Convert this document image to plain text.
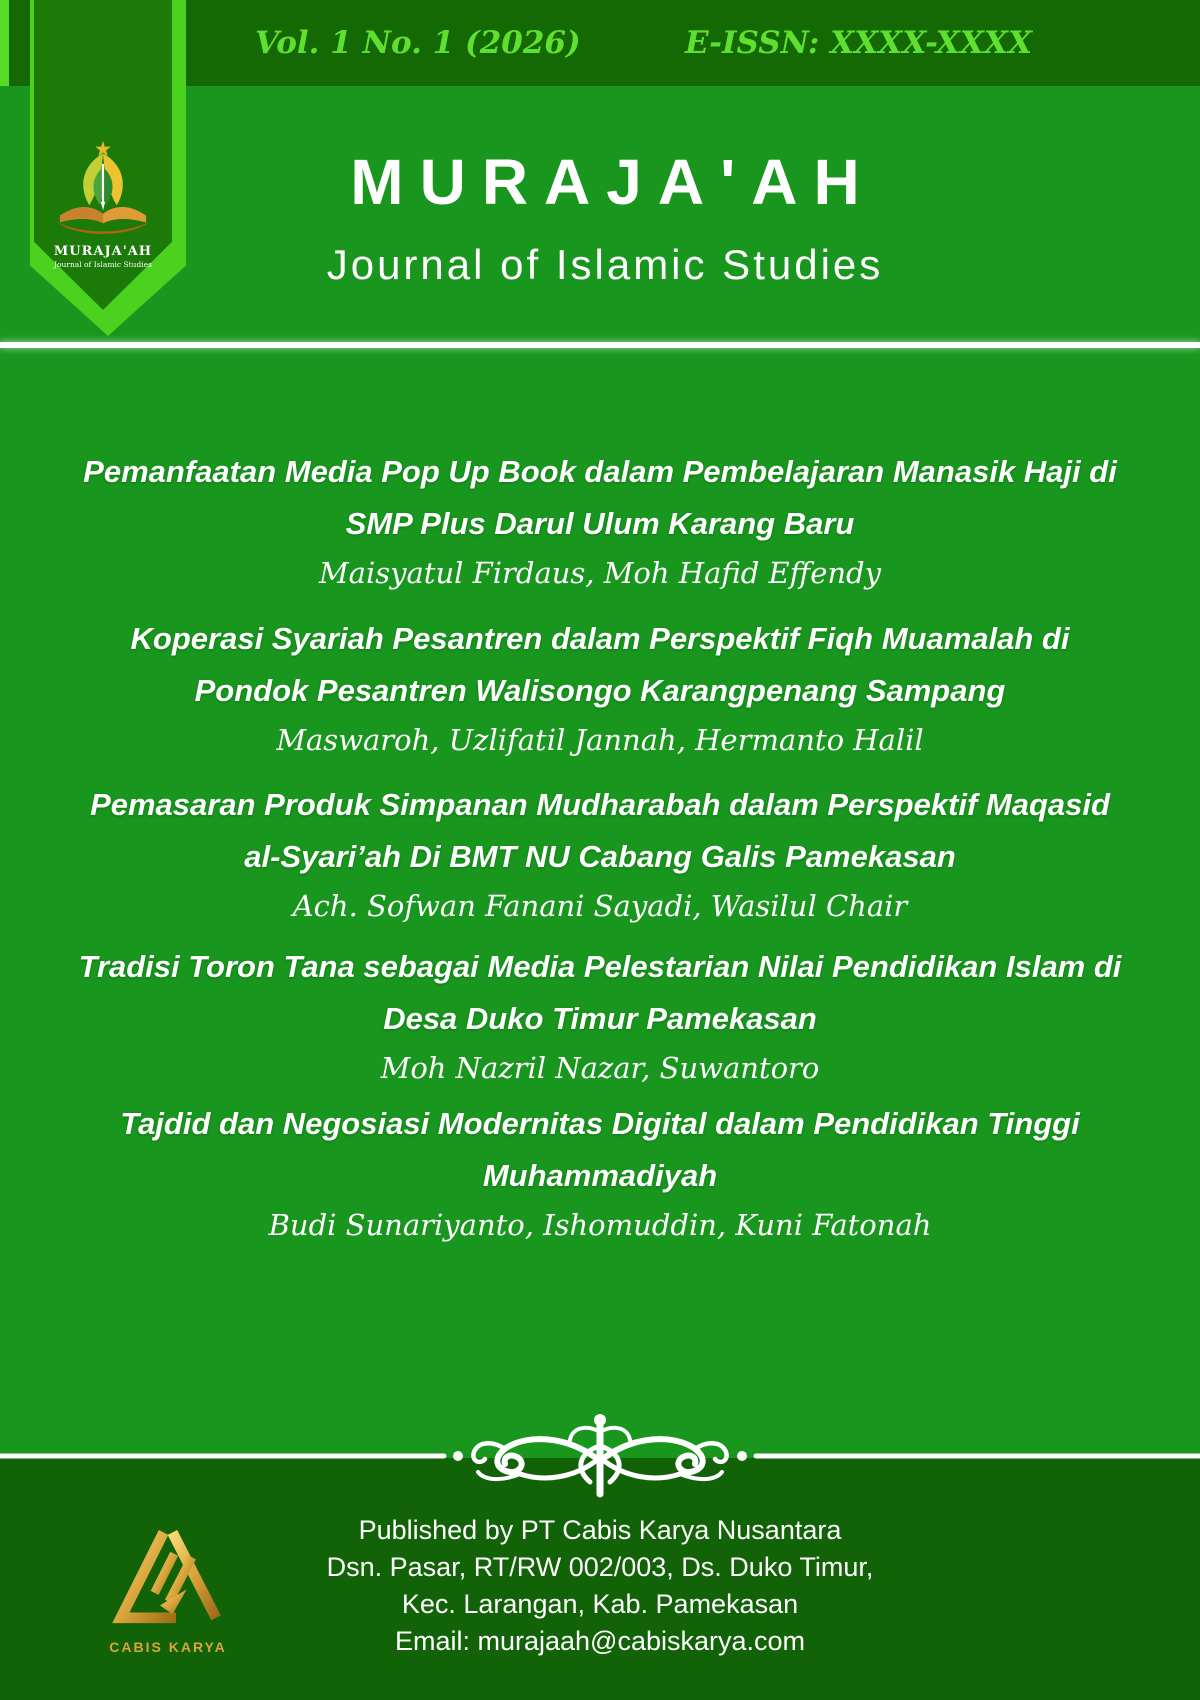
Vol. 1 No. 1 (2026)	E-ISSN: XXXX-XXXX
MURAJA'AH
Journal of Islamic Studies
MURAJA'AH
Journal of Islamic Studies
Pemanfaatan Media Pop Up Book dalam Pembelajaran Manasik Haji di
SMP Plus Darul Ulum Karang Baru
Maisyatul Firdaus, Moh Hafid Effendy
Koperasi Syariah Pesantren dalam Perspektif Fiqh Muamalah di
Pondok Pesantren Walisongo Karangpenang Sampang
Maswaroh, Uzlifatil Jannah, Hermanto Halil
Pemasaran Produk Simpanan Mudharabah dalam Perspektif Maqasid
al-Syari’ah Di BMT NU Cabang Galis Pamekasan
Ach. Sofwan Fanani Sayadi, Wasilul Chair
Tradisi Toron Tana sebagai Media Pelestarian Nilai Pendidikan Islam di
Desa Duko Timur Pamekasan
Moh Nazril Nazar, Suwantoro
Tajdid dan Negosiasi Modernitas Digital dalam Pendidikan Tinggi
Muhammadiyah
Budi Sunariyanto, Ishomuddin, Kuni Fatonah
Published by PT Cabis Karya Nusantara
Dsn. Pasar, RT/RW 002/003, Ds. Duko Timur,
Kec. Larangan, Kab. Pamekasan
Email: murajaah@cabiskarya.com
CABIS KARYA
